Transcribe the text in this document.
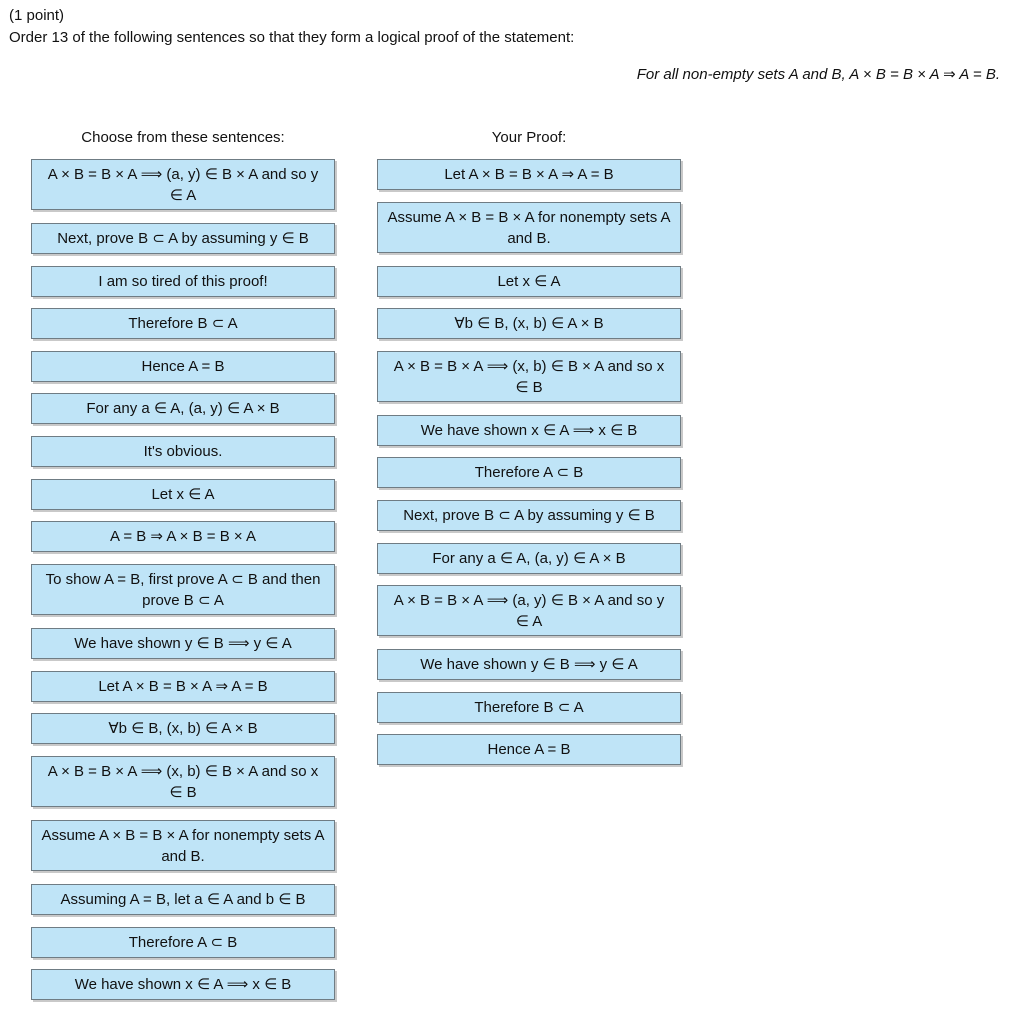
(1 point)
Order 13 of the following sentences so that they form a logical proof of the statement:
For all non-empty sets A and B, A × B = B × A ⇒ A = B.
Choose from these sentences:	Your Proof:
A × B = B × A ⟹ (a, y) ∈ B × A and so y ∈ A
Next, prove B ⊂ A by assuming y ∈ B
I am so tired of this proof!
Therefore B ⊂ A
Hence A = B
For any a ∈ A, (a, y) ∈ A × B
It's obvious.
Let x ∈ A
A = B ⇒ A × B = B × A
To show A = B, first prove A ⊂ B and then prove B ⊂ A
We have shown y ∈ B ⟹ y ∈ A
Let A × B = B × A ⇒ A = B
∀b ∈ B, (x, b) ∈ A × B
A × B = B × A ⟹ (x, b) ∈ B × A and so x ∈ B
Assume A × B = B × A for nonempty sets A and B.
Assuming A = B, let a ∈ A and b ∈ B
Therefore A ⊂ B
We have shown x ∈ A ⟹ x ∈ B
Let A × B = B × A ⇒ A = B
Assume A × B = B × A for nonempty sets A and B.
Let x ∈ A
∀b ∈ B, (x, b) ∈ A × B
A × B = B × A ⟹ (x, b) ∈ B × A and so x ∈ B
We have shown x ∈ A ⟹ x ∈ B
Therefore A ⊂ B
Next, prove B ⊂ A by assuming y ∈ B
For any a ∈ A, (a, y) ∈ A × B
A × B = B × A ⟹ (a, y) ∈ B × A and so y ∈ A
We have shown y ∈ B ⟹ y ∈ A
Therefore B ⊂ A
Hence A = B
